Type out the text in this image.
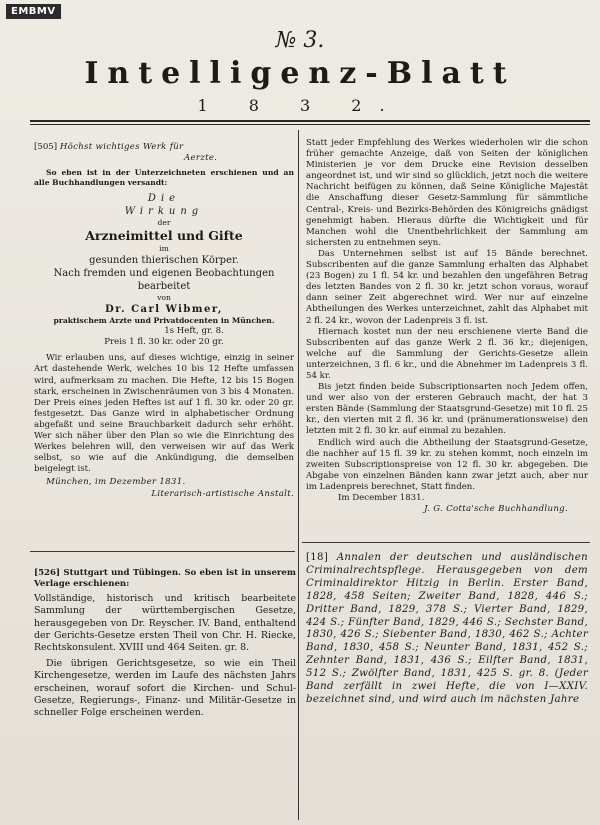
EMBMV
№ 3.
Intelligenz-Blatt
1 8 3 2.

[505] Höchst wichtiges Werk für

Aerzte.

So eben ist in der Unterzeichneten erschienen und an alle Buchhandlungen versandt:

Die

Wirkung

der

Arzneimittel und Gifte

im

gesunden thierischen Körper.

Nach fremden und eigenen Beobachtungen

bearbeitet

von

Dr. Carl Wibmer,

praktischem Arzte und Privatdocenten in München.

1s Heft, gr. 8.

Preis 1 fl. 30 kr. oder 20 gr.

Wir erlauben uns, auf dieses wichtige, einzig in seiner Art dastehende Werk, welches 10 bis 12 Hefte umfassen wird, aufmerksam zu machen. Die Hefte, 12 bis 15 Bogen stark, erscheinen in Zwischenräumen von 3 bis 4 Monaten. Der Preis eines jeden Heftes ist auf 1 fl. 30 kr. oder 20 gr. festgesetzt. Das Ganze wird in alphabetischer Ordnung abgefaßt und seine Brauchbarkeit dadurch sehr erhöht. Wer sich näher über den Plan so wie die Einrichtung des Werkes belehren will, den verweisen wir auf das Werk selbst, so wie auf die Ankündigung, die demselben beigelegt ist.

München, im Dezember 1831.

Literarisch-artistische Anstalt.

[526] Stuttgart und Tübingen. So eben ist in unserem Verlage erschienen:

Vollständige, historisch und kritisch bearbeitete Sammlung der württembergischen Gesetze, herausgegeben von Dr. Reyscher. IV. Band, enthaltend der Gerichts-Gesetze ersten Theil von Chr. H. Riecke, Rechtskonsulent. XVIII und 464 Seiten. gr. 8.

Die übrigen Gerichtsgesetze, so wie ein Theil Kirchengesetze, werden im Laufe des nächsten Jahrs erscheinen, worauf sofort die Kirchen- und Schul-Gesetze, Regierungs-, Finanz- und Militär-Gesetze in schneller Folge erscheinen werden.

Statt jeder Empfehlung des Werkes wiederholen wir die schon früher gemachte Anzeige, daß von Seiten der königlichen Ministerien je vor dem Drucke eine Revision desselben angeordnet ist, und wir sind so glücklich, jetzt noch die weitere Nachricht beifügen zu können, daß Seine Königliche Majestät die Anschaffung dieser Gesetz-Sammlung für sämmtliche Central-, Kreis- und Bezirks-Behörden des Königreichs gnädigst genehmigt haben. Hieraus dürfte die Wichtigkeit und für Manchen wohl die Unentbehrlichkeit der Sammlung am sichersten zu entnehmen seyn.

Das Unternehmen selbst ist auf 15 Bände berechnet. Subscribenten auf die ganze Sammlung erhalten das Alphabet (23 Bogen) zu 1 fl. 54 kr. und bezahlen den ungefähren Betrag des letzten Bandes von 2 fl. 30 kr. jetzt schon voraus, worauf dann seiner Zeit abgerechnet wird. Wer nur auf einzelne Abtheilungen des Werkes unterzeichnet, zahlt das Alphabet mit 2 fl. 24 kr., wovon der Ladenpreis 3 fl. ist.

Hiernach kostet nun der neu erschienene vierte Band die Subscribenten auf das ganze Werk 2 fl. 36 kr.; diejenigen, welche auf die Sammlung der Gerichts-Gesetze allein unterzeichnen, 3 fl. 6 kr., und die Abnehmer im Ladenpreis 3 fl. 54 kr.

Bis jetzt finden beide Subscriptionsarten noch Jedem offen, und wer also von der ersteren Gebrauch macht, der hat 3 ersten Bände (Sammlung der Staatsgrund-Gesetze) mit 10 fl. 25 kr., den vierten mit 2 fl. 36 kr. und (pränumerationsweise) den letzten mit 2 fl. 30 kr. auf einmal zu bezahlen.

Endlich wird auch die Abtheilung der Staatsgrund-Gesetze, die nachher auf 15 fl. 39 kr. zu stehen kommt, noch einzeln im zweiten Subscriptionspreise von 12 fl. 30 kr. abgegeben. Die Abgabe von einzelnen Bänden kann zwar jetzt auch, aber nur im Ladenpreis berechnet, Statt finden.

Im December 1831.

J. G. Cotta'sche Buchhandlung.

[18] Annalen der deutschen und ausländischen Criminalrechtspflege. Herausgegeben von dem Criminaldirektor Hitzig in Berlin. Erster Band, 1828, 458 Seiten; Zweiter Band, 1828, 446 S.; Dritter Band, 1829, 378 S.; Vierter Band, 1829, 424 S.; Fünfter Band, 1829, 446 S.; Sechster Band, 1830, 426 S.; Siebenter Band, 1830, 462 S.; Achter Band, 1830, 458 S.; Neunter Band, 1831, 452 S.; Zehnter Band, 1831, 436 S.; Eilfter Band, 1831, 512 S.; Zwölfter Band, 1831, 425 S. gr. 8. (Jeder Band zerfällt in zwei Hefte, die von I—XXIV. bezeichnet sind, und wird auch im nächsten Jahre
